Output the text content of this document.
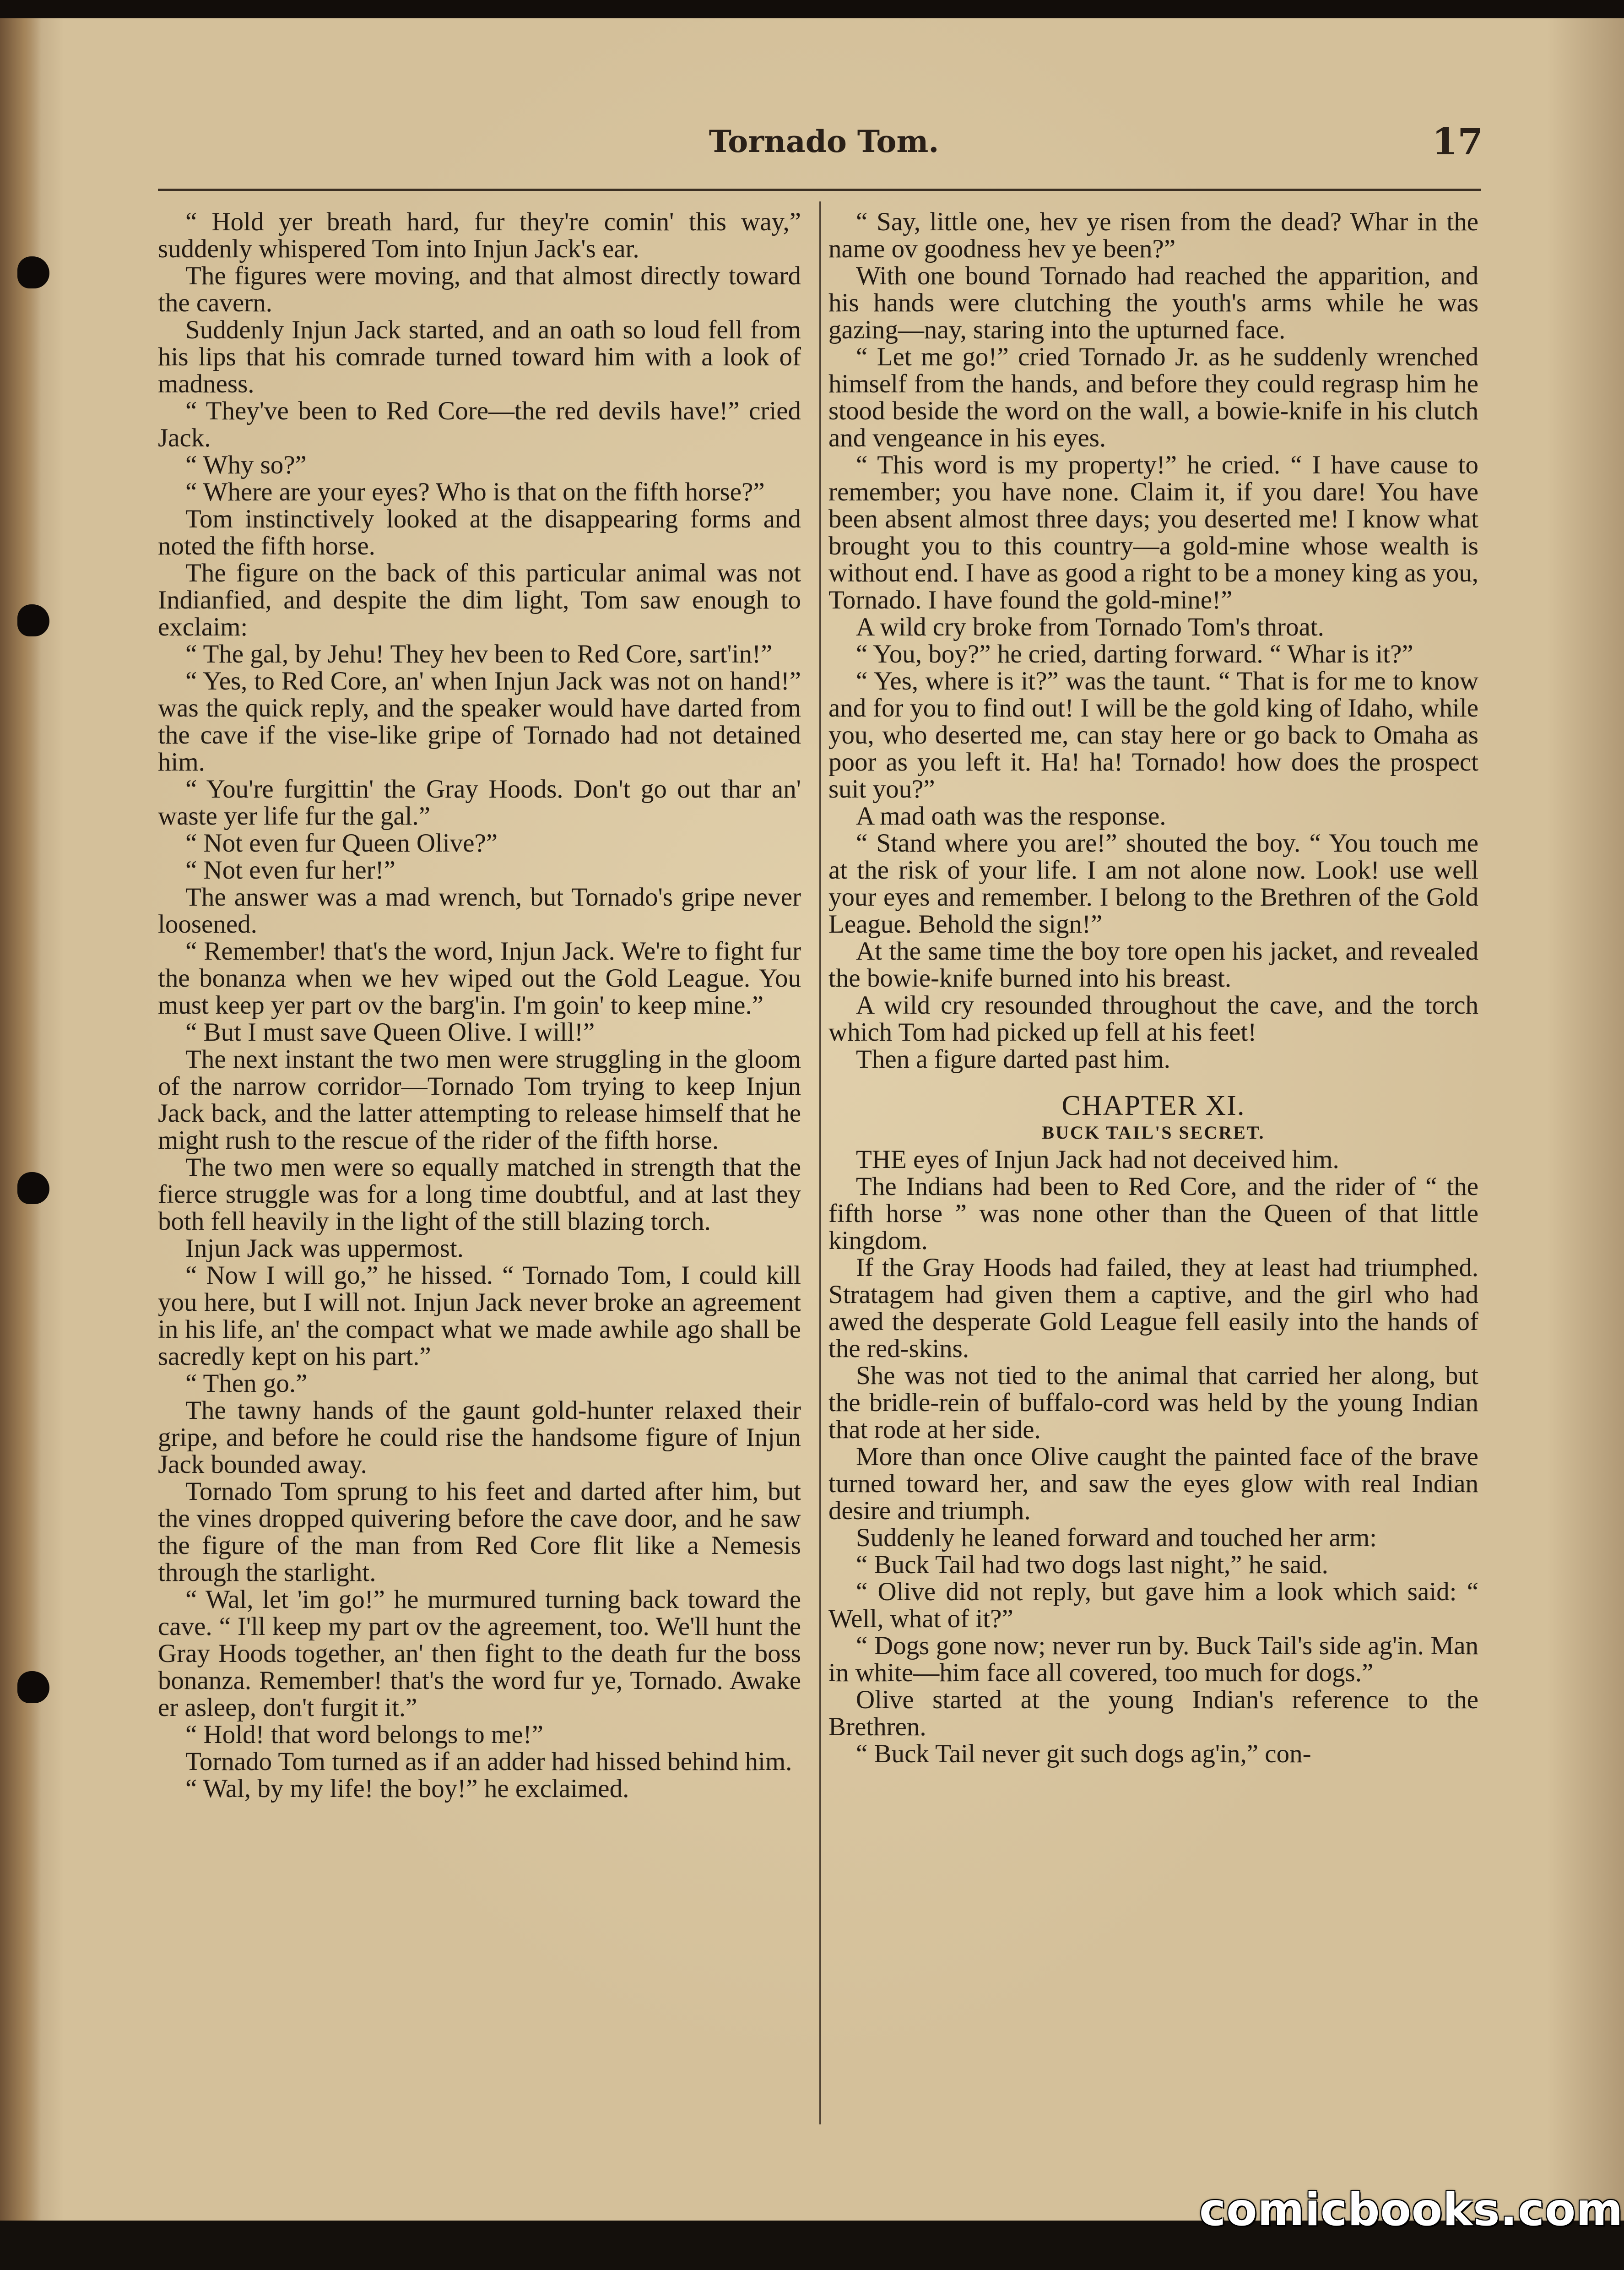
Tornado Tom.	17

“ Hold yer breath hard, fur they're comin' this way,” suddenly whispered Tom into Injun Jack's ear.

The figures were moving, and that almost directly toward the cavern.

Suddenly Injun Jack started, and an oath so loud fell from his lips that his comrade turned toward him with a look of madness.

“ They've been to Red Core—the red devils have!” cried Jack.

“ Why so?”

“ Where are your eyes? Who is that on the fifth horse?”

Tom instinctively looked at the disappearing forms and noted the fifth horse.

The figure on the back of this particular animal was not Indianfied, and despite the dim light, Tom saw enough to exclaim:

“ The gal, by Jehu! They hev been to Red Core, sart'in!”

“ Yes, to Red Core, an' when Injun Jack was not on hand!” was the quick reply, and the speaker would have darted from the cave if the vise-like gripe of Tornado had not detained him.

“ You're furgittin' the Gray Hoods. Don't go out thar an' waste yer life fur the gal.”

“ Not even fur Queen Olive?”

“ Not even fur her!”

The answer was a mad wrench, but Tornado's gripe never loosened.

“ Remember! that's the word, Injun Jack. We're to fight fur the bonanza when we hev wiped out the Gold League. You must keep yer part ov the barg'in. I'm goin' to keep mine.”

“ But I must save Queen Olive. I will!”

The next instant the two men were struggling in the gloom of the narrow corridor—Tornado Tom trying to keep Injun Jack back, and the latter attempting to release himself that he might rush to the rescue of the rider of the fifth horse.

The two men were so equally matched in strength that the fierce struggle was for a long time doubtful, and at last they both fell heavily in the light of the still blazing torch.

Injun Jack was uppermost.

“ Now I will go,” he hissed. “ Tornado Tom, I could kill you here, but I will not. Injun Jack never broke an agreement in his life, an' the compact what we made awhile ago shall be sacredly kept on his part.”

“ Then go.”

The tawny hands of the gaunt gold-hunter relaxed their gripe, and before he could rise the handsome figure of Injun Jack bounded away.

Tornado Tom sprung to his feet and darted after him, but the vines dropped quivering before the cave door, and he saw the figure of the man from Red Core flit like a Nemesis through the starlight.

“ Wal, let 'im go!” he murmured turning back toward the cave. “ I'll keep my part ov the agreement, too. We'll hunt the Gray Hoods together, an' then fight to the death fur the boss bonanza. Remember! that's the word fur ye, Tornado. Awake er asleep, don't furgit it.”

“ Hold! that word belongs to me!”

Tornado Tom turned as if an adder had hissed behind him.

“ Wal, by my life! the boy!” he exclaimed.

“ Say, little one, hev ye risen from the dead? Whar in the name ov goodness hev ye been?”

With one bound Tornado had reached the apparition, and his hands were clutching the youth's arms while he was gazing—nay, staring into the upturned face.

“ Let me go!” cried Tornado Jr. as he suddenly wrenched himself from the hands, and before they could regrasp him he stood beside the word on the wall, a bowie-knife in his clutch and vengeance in his eyes.

“ This word is my property!” he cried. “ I have cause to remember; you have none. Claim it, if you dare! You have been absent almost three days; you deserted me! I know what brought you to this country—a gold-mine whose wealth is without end. I have as good a right to be a money king as you, Tornado. I have found the gold-mine!”

A wild cry broke from Tornado Tom's throat.

“ You, boy?” he cried, darting forward. “ Whar is it?”

“ Yes, where is it?” was the taunt. “ That is for me to know and for you to find out! I will be the gold king of Idaho, while you, who deserted me, can stay here or go back to Omaha as poor as you left it. Ha! ha! Tornado! how does the prospect suit you?”

A mad oath was the response.

“ Stand where you are!” shouted the boy. “ You touch me at the risk of your life. I am not alone now. Look! use well your eyes and remember. I belong to the Brethren of the Gold League. Behold the sign!”

At the same time the boy tore open his jacket, and revealed the bowie-knife burned into his breast.

A wild cry resounded throughout the cave, and the torch which Tom had picked up fell at his feet!

Then a figure darted past him.

CHAPTER XI.
BUCK TAIL'S SECRET.

THE eyes of Injun Jack had not deceived him.

The Indians had been to Red Core, and the rider of “ the fifth horse ” was none other than the Queen of that little kingdom.

If the Gray Hoods had failed, they at least had triumphed. Stratagem had given them a captive, and the girl who had awed the desperate Gold League fell easily into the hands of the red-skins.

She was not tied to the animal that carried her along, but the bridle-rein of buffalo-cord was held by the young Indian that rode at her side.

More than once Olive caught the painted face of the brave turned toward her, and saw the eyes glow with real Indian desire and triumph.

Suddenly he leaned forward and touched her arm:

“ Buck Tail had two dogs last night,” he said.

“ Olive did not reply, but gave him a look which said: “ Well, what of it?”

“ Dogs gone now; never run by. Buck Tail's side ag'in. Man in white—him face all covered, too much for dogs.”

Olive started at the young Indian's reference to the Brethren.

“ Buck Tail never git such dogs ag'in,” con-

comicbooks.com
